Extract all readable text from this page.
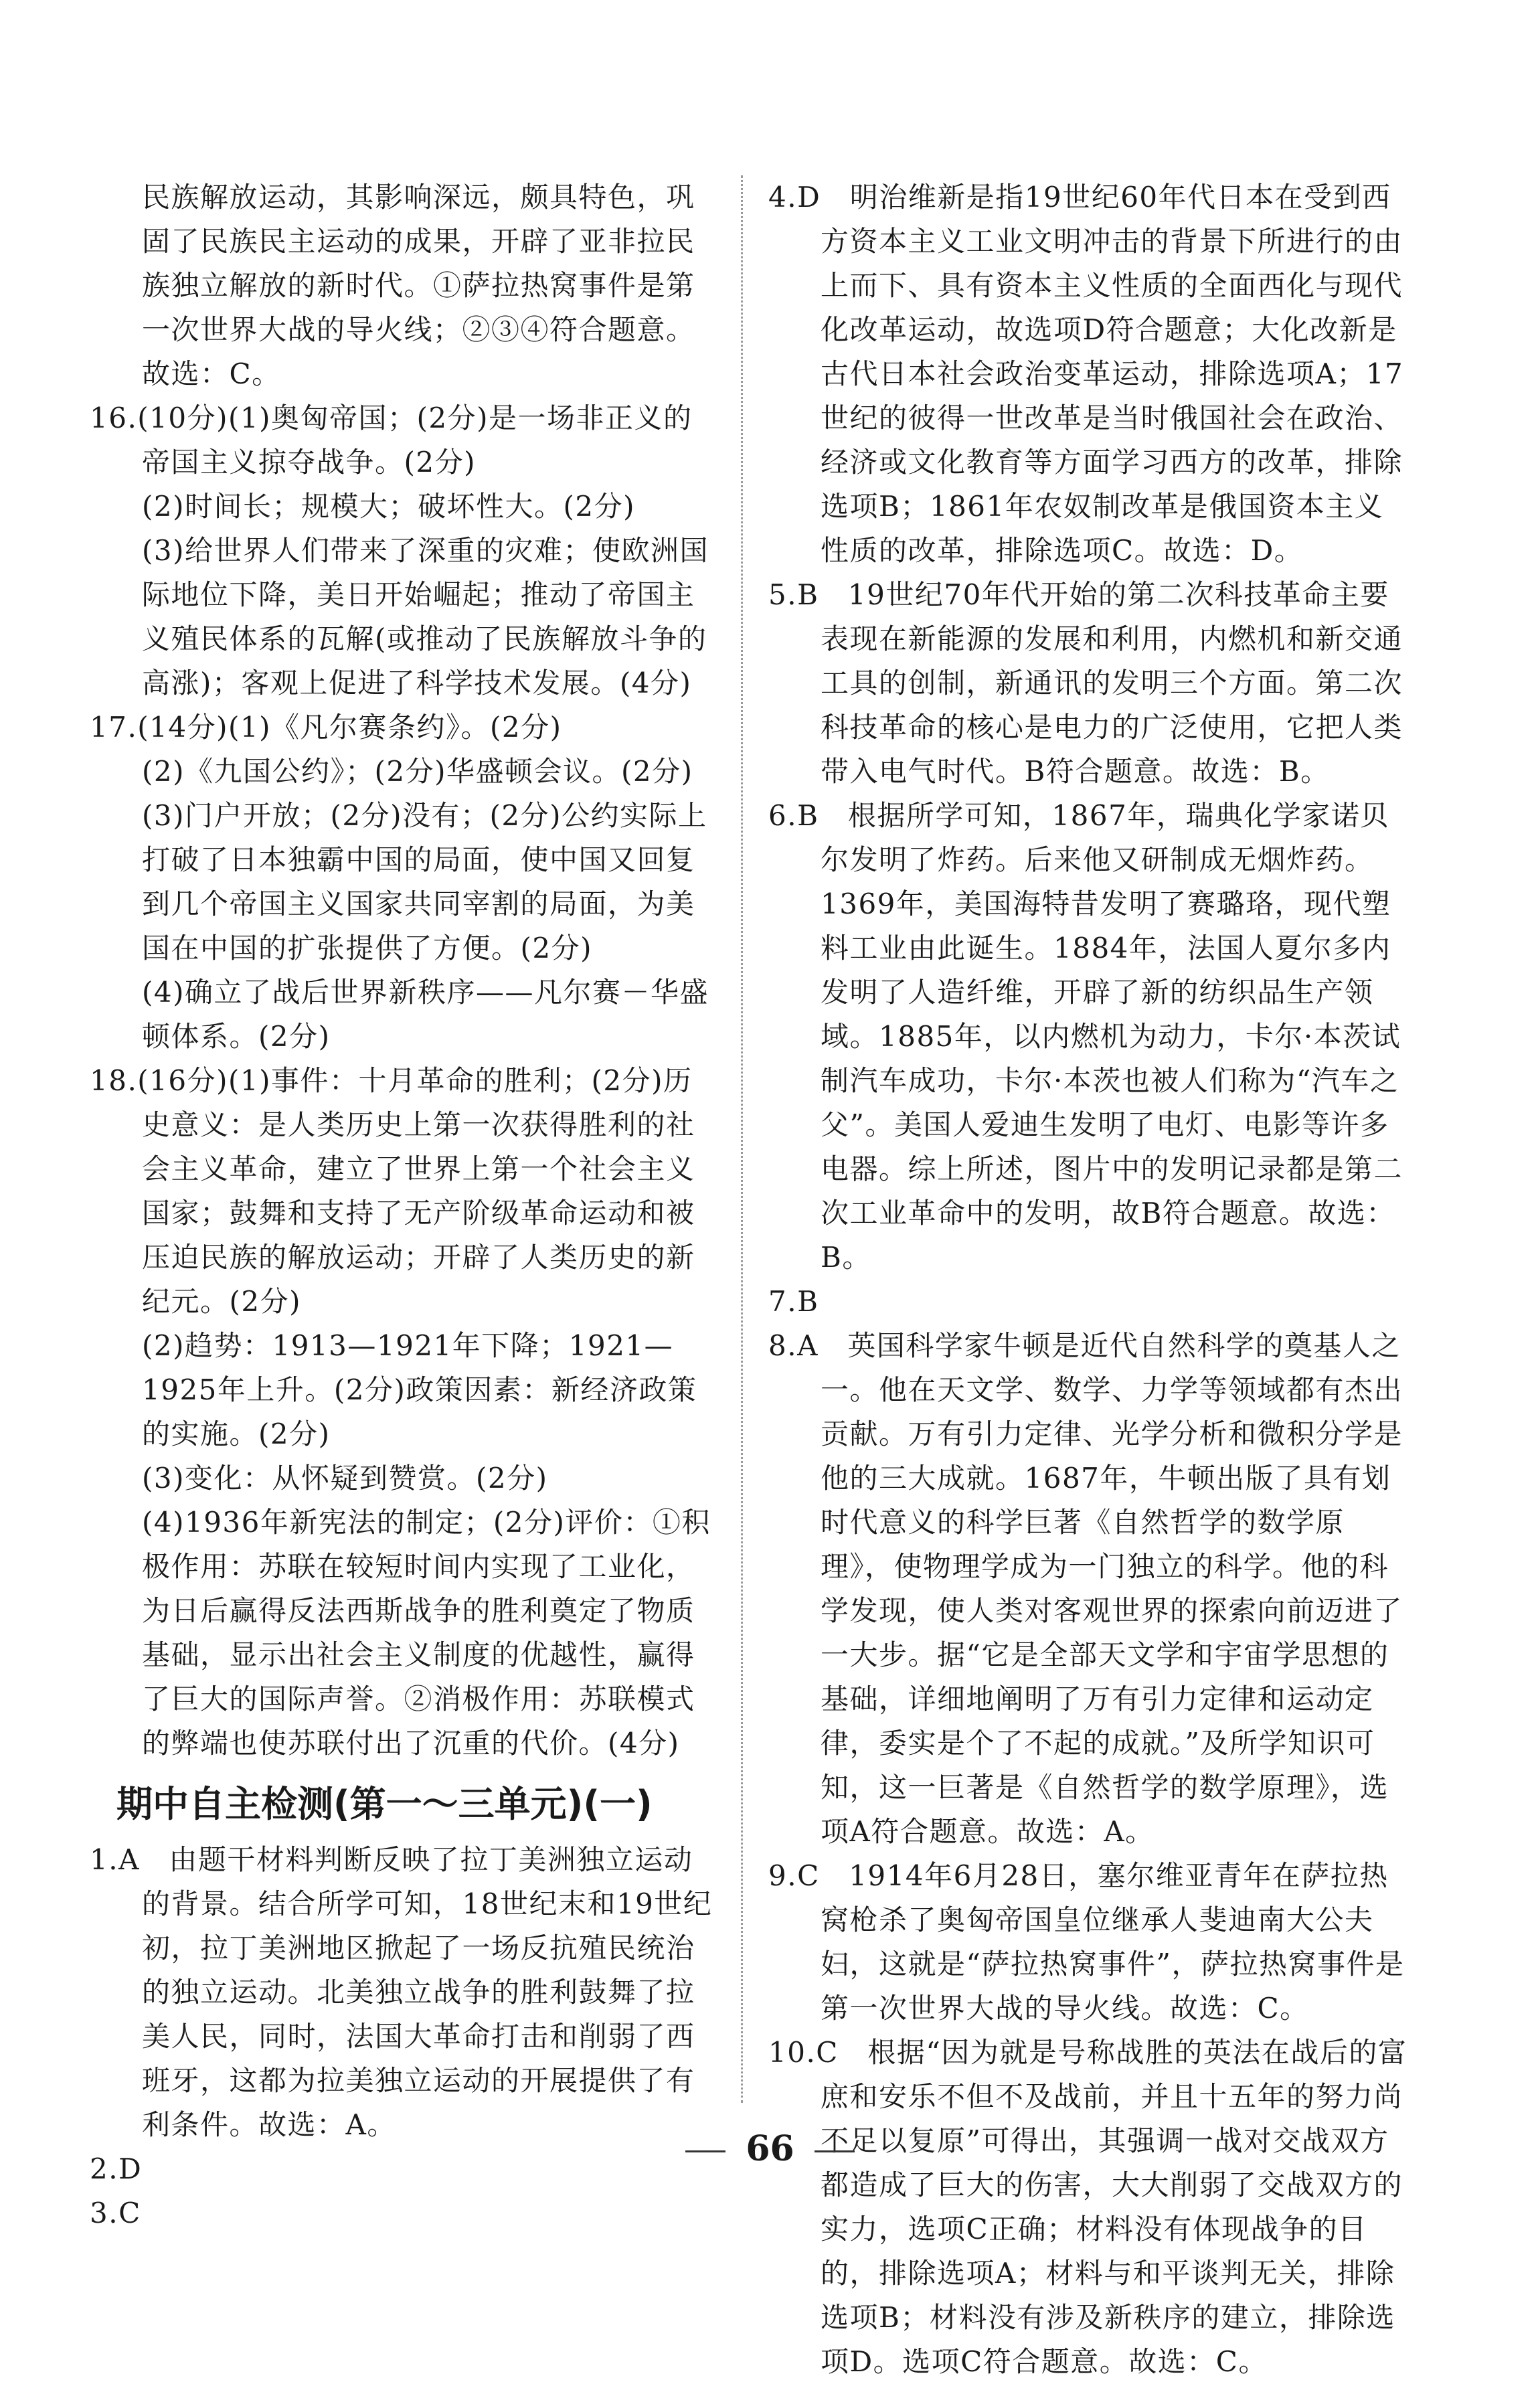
民族解放运动，其影响深远，颇具特色，巩固了民族民主运动的成果，开辟了亚非拉民族独立解放的新时代。①萨拉热窝事件是第一次世界大战的导火线；②③④符合题意。故选：C。

16.(10分)(1)奥匈帝国；(2分)是一场非正义的帝国主义掠夺战争。(2分)

(2)时间长；规模大；破坏性大。(2分)

(3)给世界人们带来了深重的灾难；使欧洲国际地位下降，美日开始崛起；推动了帝国主义殖民体系的瓦解(或推动了民族解放斗争的高涨)；客观上促进了科学技术发展。(4分)

17.(14分)(1)《凡尔赛条约》。(2分)

(2)《九国公约》；(2分)华盛顿会议。(2分)

(3)门户开放；(2分)没有；(2分)公约实际上打破了日本独霸中国的局面，使中国又回复到几个帝国主义国家共同宰割的局面，为美国在中国的扩张提供了方便。(2分)

(4)确立了战后世界新秩序——凡尔赛－华盛顿体系。(2分)

18.(16分)(1)事件：十月革命的胜利；(2分)历史意义：是人类历史上第一次获得胜利的社会主义革命，建立了世界上第一个社会主义国家；鼓舞和支持了无产阶级革命运动和被压迫民族的解放运动；开辟了人类历史的新纪元。(2分)

(2)趋势：1913—1921年下降；1921—1925年上升。(2分)政策因素：新经济政策的实施。(2分)

(3)变化：从怀疑到赞赏。(2分)

(4)1936年新宪法的制定；(2分)评价：①积极作用：苏联在较短时间内实现了工业化，为日后赢得反法西斯战争的胜利奠定了物质基础，显示出社会主义制度的优越性，赢得了巨大的国际声誉。②消极作用：苏联模式的弊端也使苏联付出了沉重的代价。(4分)

期中自主检测(第一～三单元)(一)

1.A　由题干材料判断反映了拉丁美洲独立运动的背景。结合所学可知，18世纪末和19世纪初，拉丁美洲地区掀起了一场反抗殖民统治的独立运动。北美独立战争的胜利鼓舞了拉美人民，同时，法国大革命打击和削弱了西班牙，这都为拉美独立运动的开展提供了有利条件。故选：A。

2.D

3.C

4.D　明治维新是指19世纪60年代日本在受到西方资本主义工业文明冲击的背景下所进行的由上而下、具有资本主义性质的全面西化与现代化改革运动，故选项D符合题意；大化改新是古代日本社会政治变革运动，排除选项A；17世纪的彼得一世改革是当时俄国社会在政治、经济或文化教育等方面学习西方的改革，排除选项B；1861年农奴制改革是俄国资本主义性质的改革，排除选项C。故选：D。

5.B　19世纪70年代开始的第二次科技革命主要表现在新能源的发展和利用，内燃机和新交通工具的创制，新通讯的发明三个方面。第二次科技革命的核心是电力的广泛使用，它把人类带入电气时代。B符合题意。故选：B。

6.B　根据所学可知，1867年，瑞典化学家诺贝尔发明了炸药。后来他又研制成无烟炸药。1369年，美国海特昔发明了赛璐珞，现代塑料工业由此诞生。1884年，法国人夏尔多内发明了人造纤维，开辟了新的纺织品生产领域。1885年，以内燃机为动力，卡尔·本茨试制汽车成功，卡尔·本茨也被人们称为“汽车之父”。美国人爱迪生发明了电灯、电影等许多电器。综上所述，图片中的发明记录都是第二次工业革命中的发明，故B符合题意。故选：B。

7.B

8.A　英国科学家牛顿是近代自然科学的奠基人之一。他在天文学、数学、力学等领域都有杰出贡献。万有引力定律、光学分析和微积分学是他的三大成就。1687年，牛顿出版了具有划时代意义的科学巨著《自然哲学的数学原理》，使物理学成为一门独立的科学。他的科学发现，使人类对客观世界的探索向前迈进了一大步。据“它是全部天文学和宇宙学思想的基础，详细地阐明了万有引力定律和运动定律，委实是个了不起的成就。”及所学知识可知，这一巨著是《自然哲学的数学原理》，选项A符合题意。故选：A。

9.C　1914年6月28日，塞尔维亚青年在萨拉热窝枪杀了奥匈帝国皇位继承人斐迪南大公夫妇，这就是“萨拉热窝事件”，萨拉热窝事件是第一次世界大战的导火线。故选：C。

10.C　根据“因为就是号称战胜的英法在战后的富庶和安乐不但不及战前，并且十五年的努力尚不足以复原”可得出，其强调一战对交战双方都造成了巨大的伤害，大大削弱了交战双方的实力，选项C正确；材料没有体现战争的目的，排除选项A；材料与和平谈判无关，排除选项B；材料没有涉及新秩序的建立，排除选项D。选项C符合题意。故选：C。

66
